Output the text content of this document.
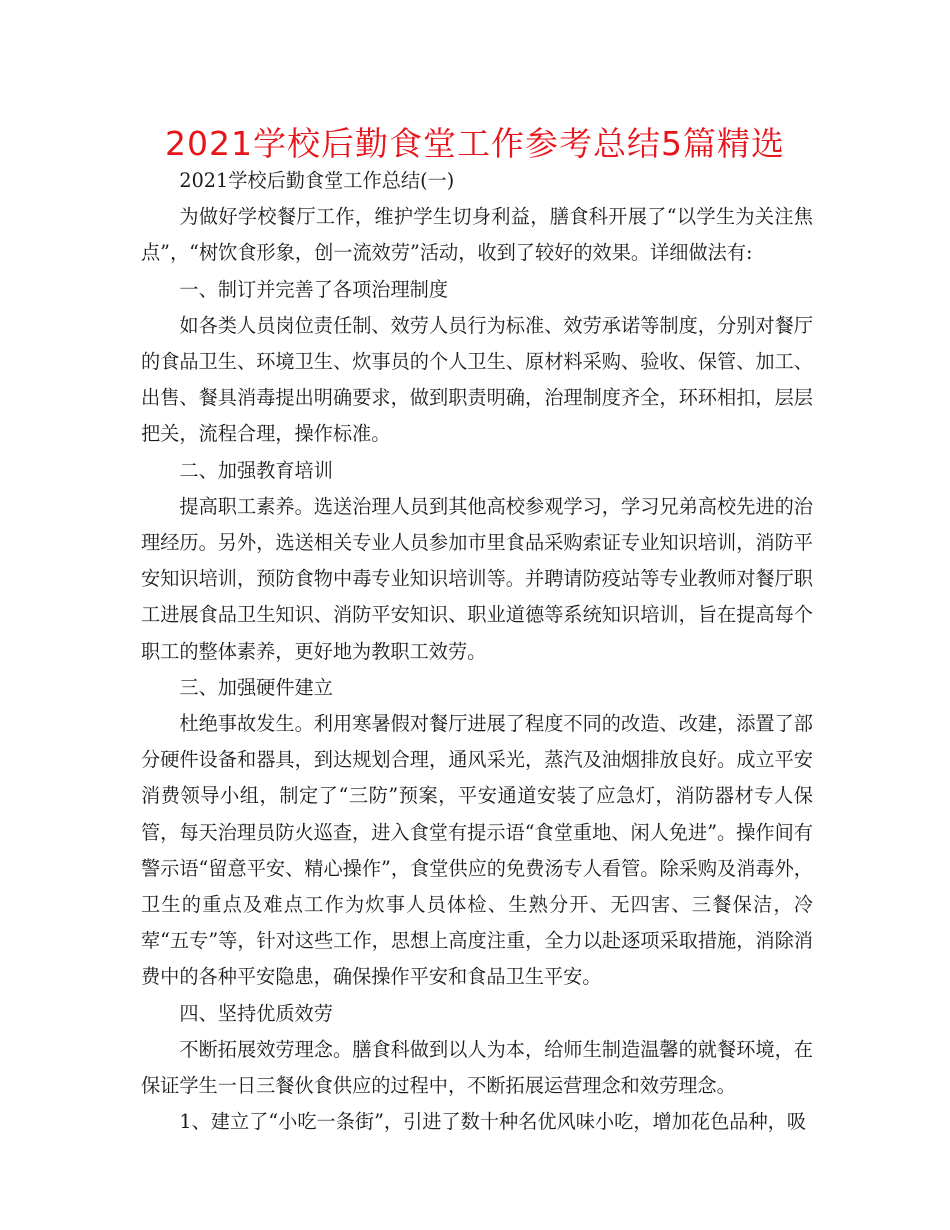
2021学校后勤食堂工作参考总结5篇精选

2021学校后勤食堂工作总结(一)

为做好学校餐厅工作，维护学生切身利益，膳食科开展了“以学生为关注焦点”，“树饮食形象，创一流效劳”活动，收到了较好的效果。详细做法有:

一、制订并完善了各项治理制度

如各类人员岗位责任制、效劳人员行为标准、效劳承诺等制度，分别对餐厅的食品卫生、环境卫生、炊事员的个人卫生、原材料采购、验收、保管、加工、出售、餐具消毒提出明确要求，做到职责明确，治理制度齐全，环环相扣，层层把关，流程合理，操作标准。

二、加强教育培训

提高职工素养。选送治理人员到其他高校参观学习，学习兄弟高校先进的治理经历。另外，选送相关专业人员参加市里食品采购索证专业知识培训，消防平安知识培训，预防食物中毒专业知识培训等。并聘请防疫站等专业教师对餐厅职工进展食品卫生知识、消防平安知识、职业道德等系统知识培训，旨在提高每个职工的整体素养，更好地为教职工效劳。

三、加强硬件建立

杜绝事故发生。利用寒暑假对餐厅进展了程度不同的改造、改建，添置了部分硬件设备和器具，到达规划合理，通风采光，蒸汽及油烟排放良好。成立平安消费领导小组，制定了“三防”预案，平安通道安装了应急灯，消防器材专人保管，每天治理员防火巡查，进入食堂有提示语“食堂重地、闲人免进”。操作间有警示语“留意平安、精心操作”，食堂供应的免费汤专人看管。除采购及消毒外，卫生的重点及难点工作为炊事人员体检、生熟分开、无四害、三餐保洁，冷荤“五专”等，针对这些工作，思想上高度注重，全力以赴逐项采取措施，消除消费中的各种平安隐患，确保操作平安和食品卫生平安。

四、坚持优质效劳

不断拓展效劳理念。膳食科做到以人为本，给师生制造温馨的就餐环境，在保证学生一日三餐伙食供应的过程中，不断拓展运营理念和效劳理念。

1、建立了“小吃一条街”，引进了数十种名优风味小吃，增加花色品种，吸
